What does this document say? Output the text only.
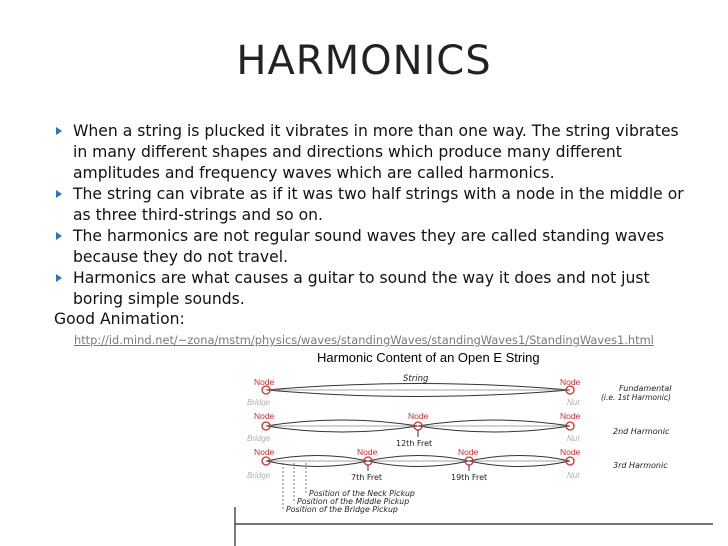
HARMONICS
When a string is plucked it vibrates in more than one way. The string vibrates in many different shapes and directions which produce many different amplitudes and frequency waves which are called harmonics.
The string can vibrate as if it was two half strings with a node in the middle or as three third-strings and so on.
The harmonics are not regular sound waves they are called standing waves because they do not travel.
Harmonics are what causes a guitar to sound the way it does and not just boring simple sounds.
Good Animation:
http://id.mind.net/~zona/mstm/physics/waves/standingWaves/standingWaves1/StandingWaves1.html
Harmonic Content of an Open E String
Node	Node
String
Bridge	Nut
Fundamental
(i.e. 1st Harmonic)
Node	Node	Node
12th Fret
Bridge	Nut
2nd Harmonic
Node	Node	Node	Node
7th Fret	19th Fret
Bridge	Nut
3rd Harmonic
Position of the Neck Pickup
Position of the Middle Pickup
Position of the Bridge Pickup
